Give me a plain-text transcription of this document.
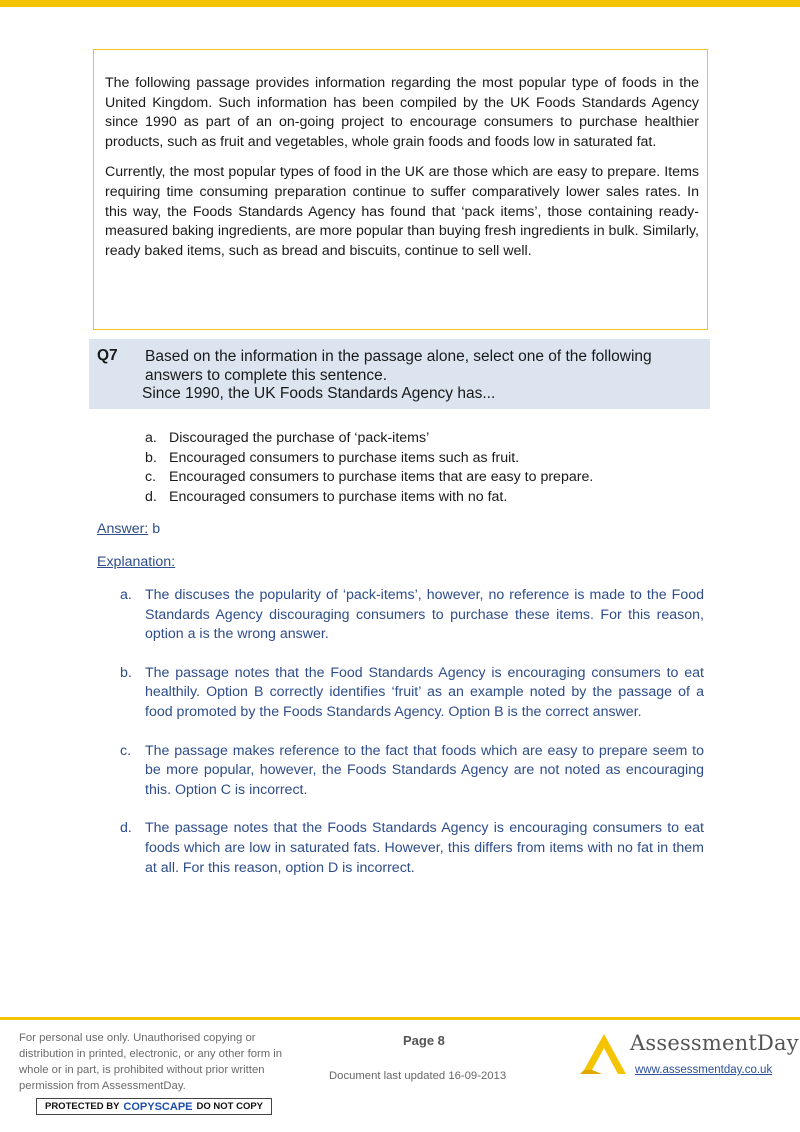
The following passage provides information regarding the most popular type of foods in the United Kingdom. Such information has been compiled by the UK Foods Standards Agency since 1990 as part of an on-going project to encourage consumers to purchase healthier products, such as fruit and vegetables, whole grain foods and foods low in saturated fat.

Currently, the most popular types of food in the UK are those which are easy to prepare. Items requiring time consuming preparation continue to suffer comparatively lower sales rates. In this way, the Foods Standards Agency has found that ‘pack items’, those containing ready-measured baking ingredients, are more popular than buying fresh ingredients in bulk. Similarly, ready baked items, such as bread and biscuits, continue to sell well.

Q7 Based on the information in the passage alone, select one of the following answers to complete this sentence.
Since 1990, the UK Foods Standards Agency has...
a. Discouraged the purchase of ‘pack-items’
b. Encouraged consumers to purchase items such as fruit.
c. Encouraged consumers to purchase items that are easy to prepare.
d. Encouraged consumers to purchase items with no fat.
Answer: b
Explanation:
a. The discuses the popularity of ‘pack-items’, however, no reference is made to the Food Standards Agency discouraging consumers to purchase these items. For this reason, option a is the wrong answer.
b. The passage notes that the Food Standards Agency is encouraging consumers to eat healthily. Option B correctly identifies ‘fruit’ as an example noted by the passage of a food promoted by the Foods Standards Agency. Option B is the correct answer.
c. The passage makes reference to the fact that foods which are easy to prepare seem to be more popular, however, the Foods Standards Agency are not noted as encouraging this. Option C is incorrect.
d. The passage notes that the Foods Standards Agency is encouraging consumers to eat foods which are low in saturated fats. However, this differs from items with no fat in them at all. For this reason, option D is incorrect.
For personal use only. Unauthorised copying or distribution in printed, electronic, or any other form in whole or in part, is prohibited without prior written permission from AssessmentDay.
PROTECTED BY COPYSCAPE DO NOT COPY
Page 8
Document last updated 16-09-2013
AssessmentDay
www.assessmentday.co.uk
